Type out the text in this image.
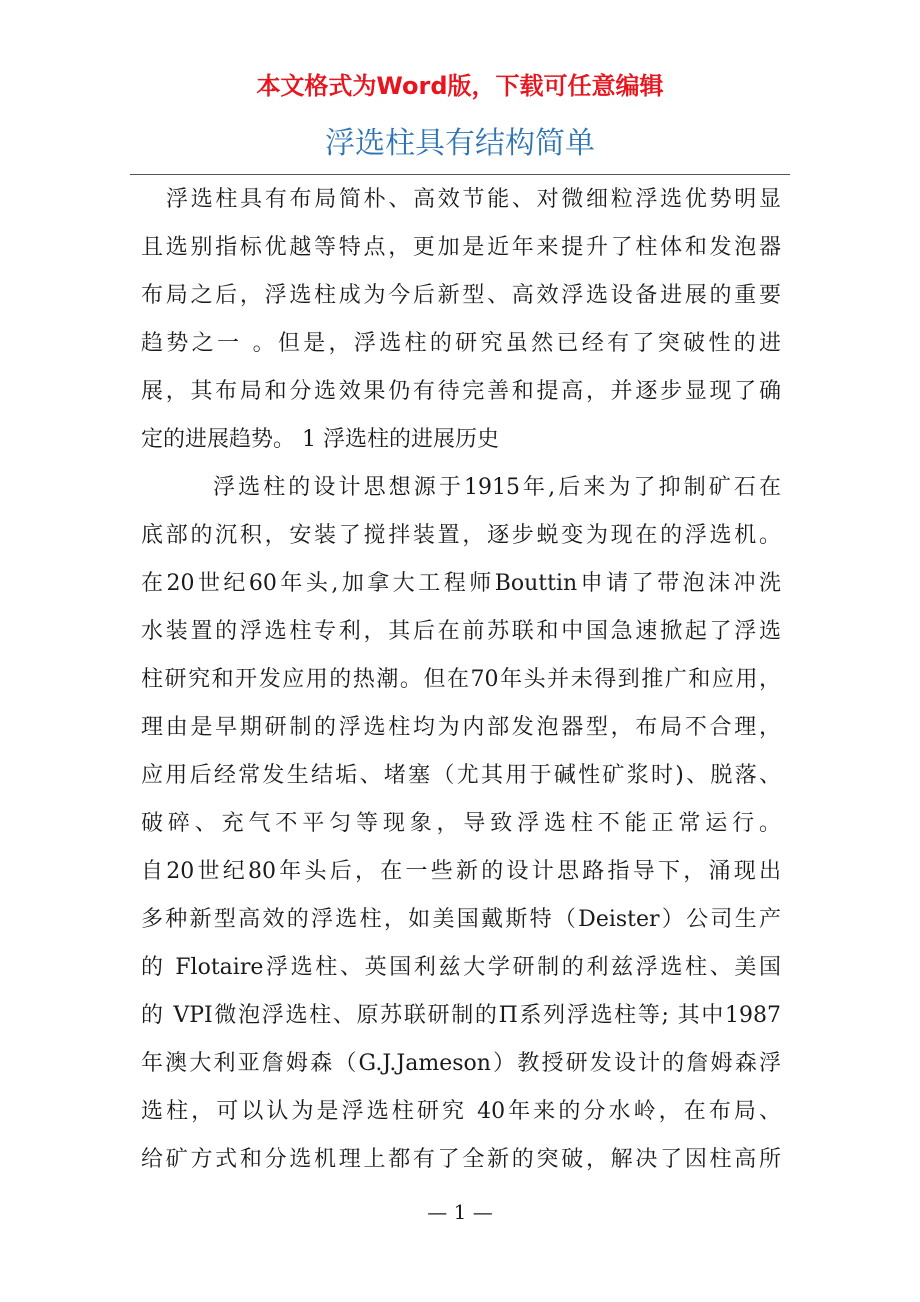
本文格式为Word版，下载可任意编辑
浮选柱具有结构简单
浮选柱具有布局简朴、高效节能、对微细粒浮选优势明显
且选别指标优越等特点，更加是近年来提升了柱体和发泡器
布局之后，浮选柱成为今后新型、高效浮选设备进展的重要
趋势之一 。但是，浮选柱的研究虽然已经有了突破性的进
展，其布局和分选效果仍有待完善和提高，并逐步显现了确
定的进展趋势。 1 浮选柱的进展历史
浮选柱的设计思想源于1915年,后来为了抑制矿石在
底部的沉积，安装了搅拌装置，逐步蜕变为现在的浮选机。
在20世纪60年头,加拿大工程师Bouttin申请了带泡沫冲洗
水装置的浮选柱专利，其后在前苏联和中国急速掀起了浮选
柱研究和开发应用的热潮。但在70年头并未得到推广和应用，
理由是早期研制的浮选柱均为内部发泡器型，布局不合理，
应用后经常发生结垢、堵塞（尤其用于碱性矿浆时)、脱落、
破碎、充气不平匀等现象，导致浮选柱不能正常运行。
自20世纪80年头后，在一些新的设计思路指导下，涌现出
多种新型高效的浮选柱，如美国戴斯特（Deister）公司生产
的 Flotaire浮选柱、英国利兹大学研制的利兹浮选柱、美国
的 VPI微泡浮选柱、原苏联研制的Π系列浮选柱等; 其中1987
年澳大利亚詹姆森（G.J.Jameson）教授研发设计的詹姆森浮
选柱，可以认为是浮选柱研究 40年来的分水岭，在布局、
给矿方式和分选机理上都有了全新的突破，解决了因柱高所
— 1 —
